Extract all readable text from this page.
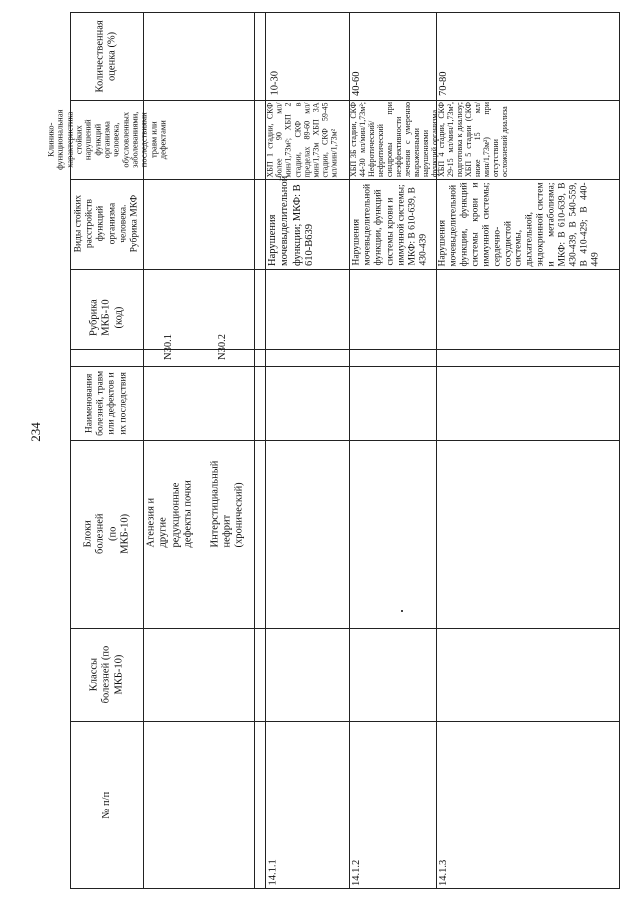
234
№ п/п
Классы болезней (по МКБ-10)
Блоки болезней (по МКБ-10)
Наименования болезней, травм или дефектов и их последствия
Рубрика МКБ-10 (код)
Виды стойких расстройств функций организма человека. Рубрика МКФ
Клинико-функциональная характеристика стойких нарушений функций организма человека, обусловленных заболеваниями, последствиями травм или дефектами
Количественная оценка (%)
Агенезия и другие редукционные дефекты почки Интерстициальный нефрит (хронический)
N30.1	N30.2
14.1.1
Нарушения мочевыделительной функции; МКФ: B 610-B639
ХБП 1 стадии, СКФ более 90 мл/мин/1,73м²; ХБП 2 стадии, СКФ в пределах 89-60 мл/мин/1,73м ХБП 3А стадии, СКФ 59-45 мл/мин/1,73м²
10-30
14.1.2
Нарушения мочевыделительной функции, функций системы крови и иммунной системы; МКФ: B 610-639, B 430-439
ХБП 3Б стадии, СКФ 44-30 мл/мин/1,73м²; Нефротический/нефритический синдромы при неэффективности лечения с умеренно выраженными нарушениями функций организма
40-60
14.1.3
Нарушения мочевыделительной функции, функций системы крови и иммунной системы; сердечно-сосудистой системы, дыхательной, эндокринной систем и метаболизма; МКФ: B 610-639, B 430-439, B 540-559, B 410-429; B 440-449
ХБП 4 стадии, СКФ 29-15 мл/мин/1,73м², подготовка к диализу; ХБП 5 стадии (СКФ ниже 15 мл/мин/1,73м²) при отсутствии осложнений диализа
70-80
